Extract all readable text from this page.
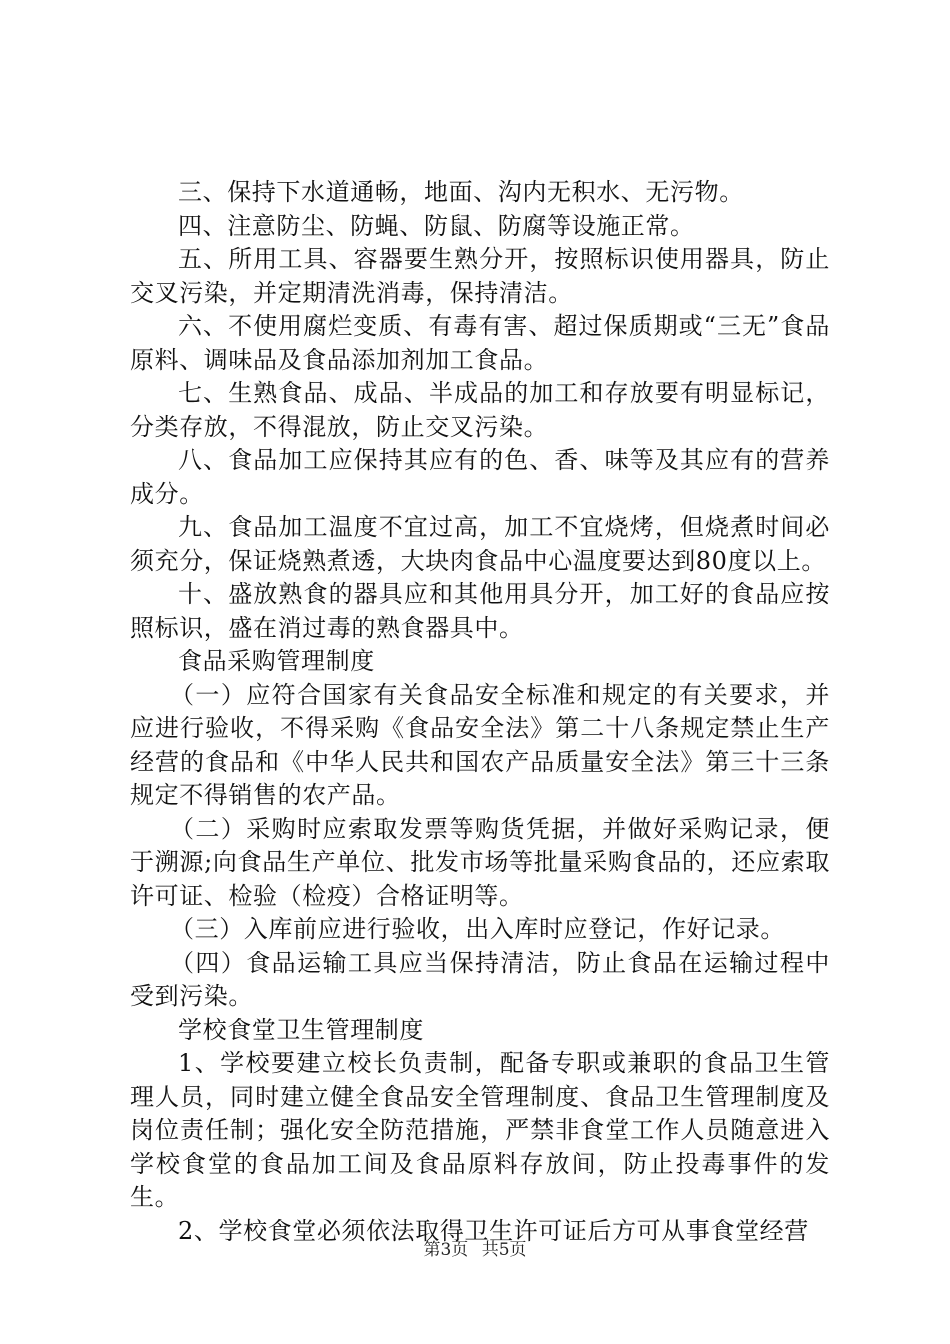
三、保持下水道通畅，地面、沟内无积水、无污物。

四、注意防尘、防蝇、防鼠、防腐等设施正常。

五、所用工具、容器要生熟分开，按照标识使用器具，防止交叉污染，并定期清洗消毒，保持清洁。

六、不使用腐烂变质、有毒有害、超过保质期或“三无”食品原料、调味品及食品添加剂加工食品。

七、生熟食品、成品、半成品的加工和存放要有明显标记，分类存放，不得混放，防止交叉污染。

八、食品加工应保持其应有的色、香、味等及其应有的营养成分。

九、食品加工温度不宜过高，加工不宜烧烤，但烧煮时间必须充分，保证烧熟煮透，大块肉食品中心温度要达到80度以上。

十、盛放熟食的器具应和其他用具分开，加工好的食品应按照标识，盛在消过毒的熟食器具中。

食品采购管理制度

（一）应符合国家有关食品安全标准和规定的有关要求，并应进行验收，不得采购《食品安全法》第二十八条规定禁止生产经营的食品和《中华人民共和国农产品质量安全法》第三十三条规定不得销售的农产品。

（二）采购时应索取发票等购货凭据，并做好采购记录，便于溯源;向食品生产单位、批发市场等批量采购食品的，还应索取许可证、检验（检疫）合格证明等。

（三）入库前应进行验收，出入库时应登记，作好记录。

（四）食品运输工具应当保持清洁，防止食品在运输过程中受到污染。

学校食堂卫生管理制度

1、学校要建立校长负责制，配备专职或兼职的食品卫生管理人员，同时建立健全食品安全管理制度、食品卫生管理制度及岗位责任制；强化安全防范措施，严禁非食堂工作人员随意进入学校食堂的食品加工间及食品原料存放间，防止投毒事件的发生。

2、学校食堂必须依法取得卫生许可证后方可从事食堂经营

第3页 共5页
